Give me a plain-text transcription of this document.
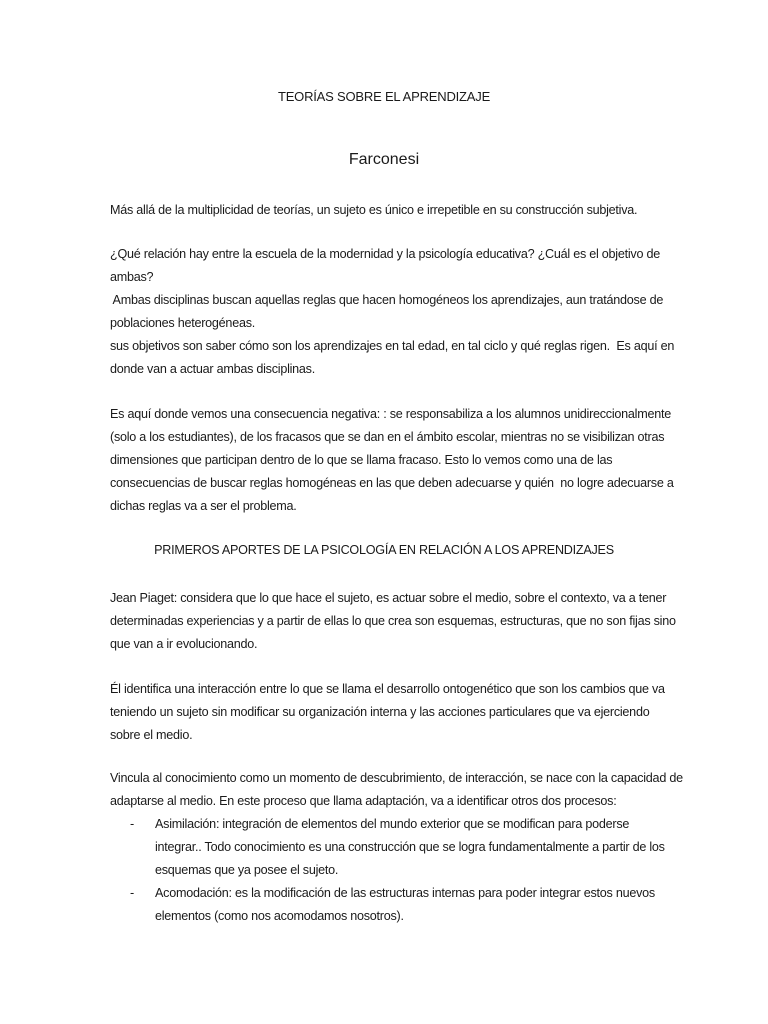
TEORÍAS SOBRE EL APRENDIZAJE
Farconesi

Más allá de la multiplicidad de teorías, un sujeto es único e irrepetible en su construcción subjetiva.

¿Qué relación hay entre la escuela de la modernidad y la psicología educativa? ¿Cuál es el objetivo de
ambas?
Ambas disciplinas buscan aquellas reglas que hacen homogéneos los aprendizajes, aun tratándose de
poblaciones heterogéneas.
sus objetivos son saber cómo son los aprendizajes en tal edad, en tal ciclo y qué reglas rigen.  Es aquí en
donde van a actuar ambas disciplinas.

Es aquí donde vemos una consecuencia negativa: : se responsabiliza a los alumnos unidireccionalmente
(solo a los estudiantes), de los fracasos que se dan en el ámbito escolar, mientras no se visibilizan otras
dimensiones que participan dentro de lo que se llama fracaso. Esto lo vemos como una de las
consecuencias de buscar reglas homogéneas en las que deben adecuarse y quién  no logre adecuarse a
dichas reglas va a ser el problema.

PRIMEROS APORTES DE LA PSICOLOGÍA EN RELACIÓN A LOS APRENDIZAJES

Jean Piaget: considera que lo que hace el sujeto, es actuar sobre el medio, sobre el contexto, va a tener
determinadas experiencias y a partir de ellas lo que crea son esquemas, estructuras, que no son fijas sino
que van a ir evolucionando.

Él identifica una interacción entre lo que se llama el desarrollo ontogenético que son los cambios que va
teniendo un sujeto sin modificar su organización interna y las acciones particulares que va ejerciendo
sobre el medio.

Vincula al conocimiento como un momento de descubrimiento, de interacción, se nace con la capacidad de
adaptarse al medio. En este proceso que llama adaptación, va a identificar otros dos procesos:

- Asimilación: integración de elementos del mundo exterior que se modifican para poderse
integrar.. Todo conocimiento es una construcción que se logra fundamentalmente a partir de los
esquemas que ya posee el sujeto.
- Acomodación: es la modificación de las estructuras internas para poder integrar estos nuevos
elementos (como nos acomodamos nosotros).
